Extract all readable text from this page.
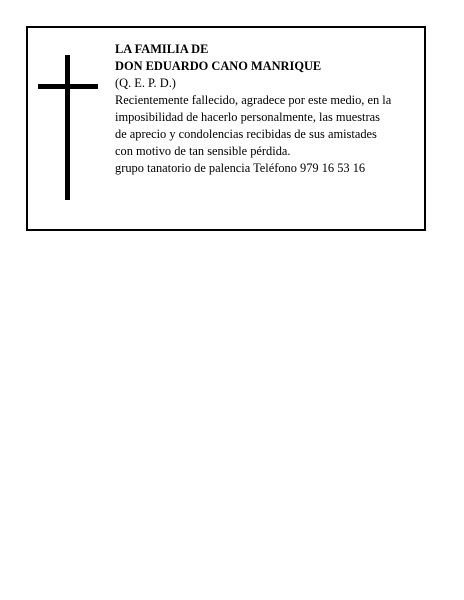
LA FAMILIA DE
DON EDUARDO CANO MANRIQUE
(Q. E. P. D.)
Recientemente fallecido, agradece por este medio, en la
imposibilidad de hacerlo personalmente, las muestras
de aprecio y condolencias recibidas de sus amistades
con motivo de tan sensible pérdida.
grupo tanatorio de palencia Teléfono 979 16 53 16
